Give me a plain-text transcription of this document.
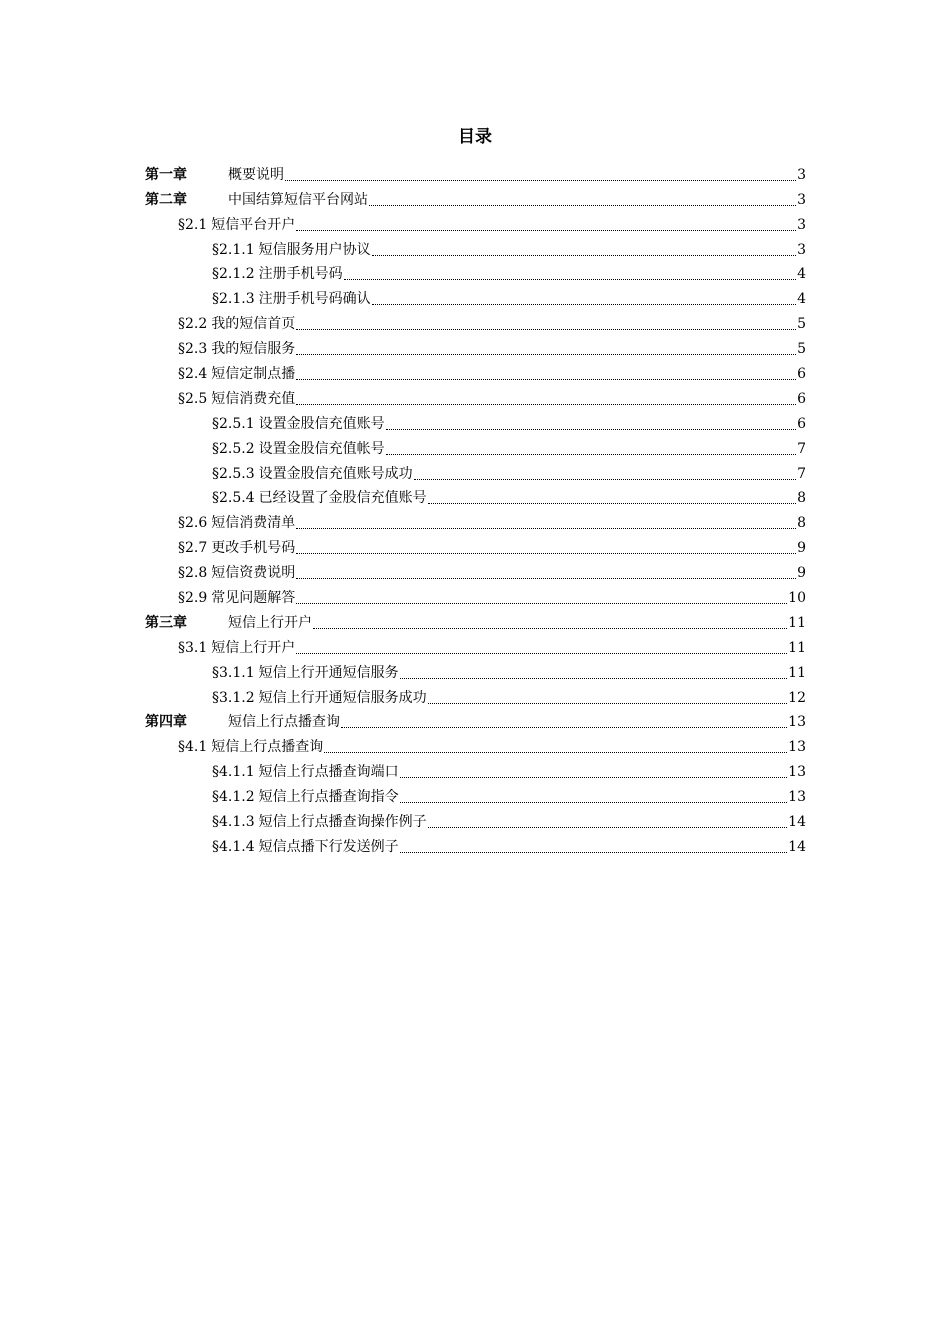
目录
第一章	概要说明	3
第二章	中国结算短信平台网站	3
§2.1 短信平台开户	3
§2.1.1 短信服务用户协议	3
§2.1.2 注册手机号码	4
§2.1.3 注册手机号码确认	4
§2.2 我的短信首页	5
§2.3 我的短信服务	5
§2.4 短信定制点播	6
§2.5 短信消费充值	6
§2.5.1 设置金股信充值账号	6
§2.5.2 设置金股信充值帐号	7
§2.5.3 设置金股信充值账号成功	7
§2.5.4 已经设置了金股信充值账号	8
§2.6 短信消费清单	8
§2.7 更改手机号码	9
§2.8 短信资费说明	9
§2.9 常见问题解答	10
第三章	短信上行开户	11
§3.1 短信上行开户	11
§3.1.1 短信上行开通短信服务	11
§3.1.2 短信上行开通短信服务成功	12
第四章	短信上行点播查询	13
§4.1 短信上行点播查询	13
§4.1.1 短信上行点播查询端口	13
§4.1.2 短信上行点播查询指令	13
§4.1.3 短信上行点播查询操作例子	14
§4.1.4 短信点播下行发送例子	14
